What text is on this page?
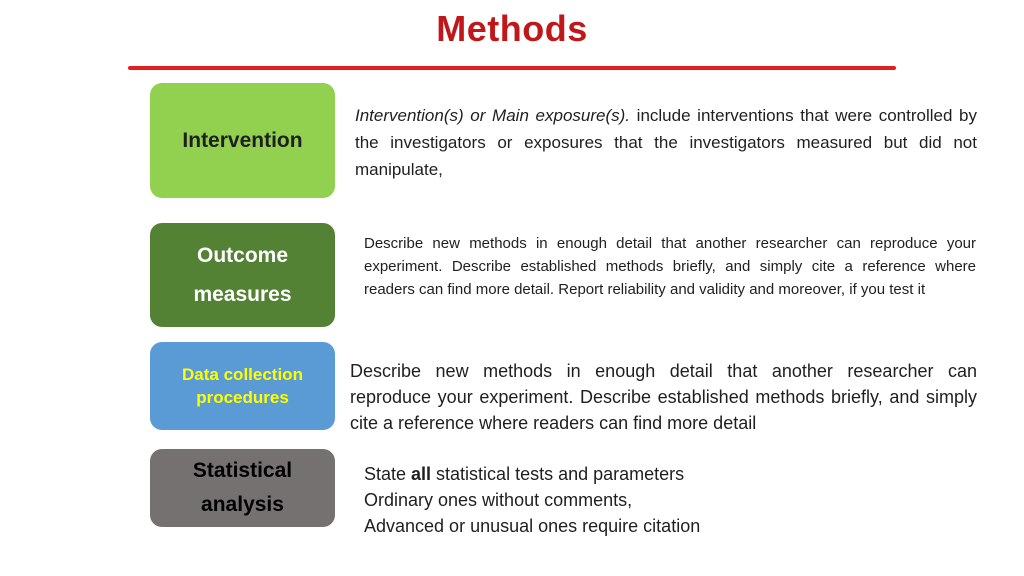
Methods
Intervention
Intervention(s) or Main exposure(s). include interventions that were controlled by the investigators or exposures that the investigators measured but did not manipulate,
Outcome
measures
Describe new methods in enough detail that another researcher can reproduce your experiment. Describe established methods briefly, and simply cite a reference where readers can find more detail. Report reliability and validity and moreover, if you test it
Data collection
procedures
Describe new methods in enough detail that another researcher can reproduce your experiment. Describe established methods briefly, and simply cite a reference where readers can find more detail
Statistical
analysis
State all statistical tests and parameters
Ordinary ones without comments,
Advanced or unusual ones require citation
